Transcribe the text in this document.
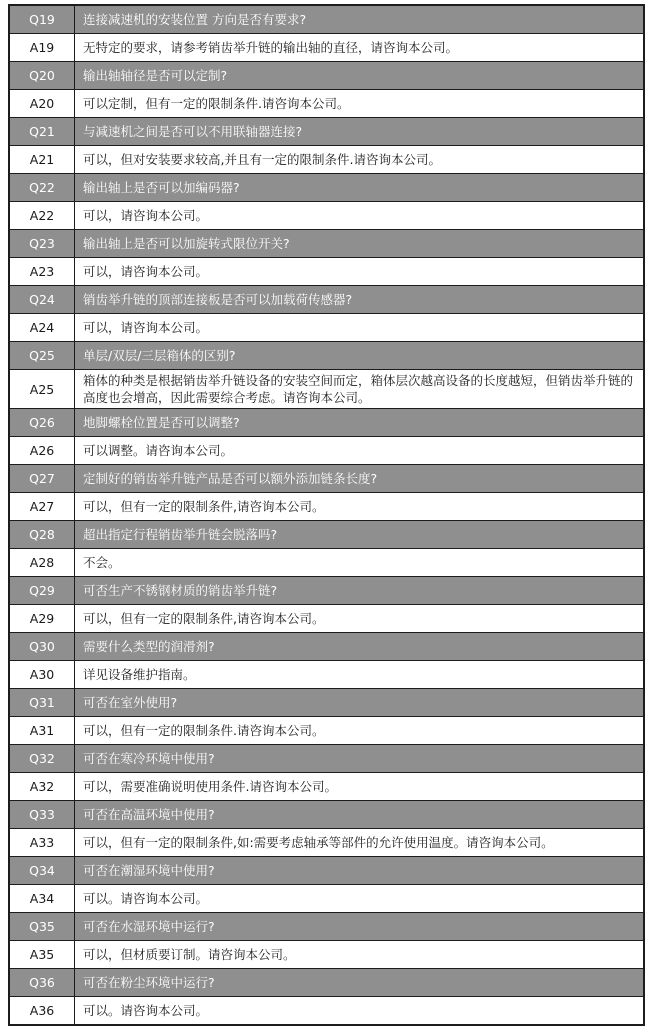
Q19	连接减速机的安装位置 方向是否有要求?
A19	无特定的要求，请参考销齿举升链的输出轴的直径，请咨询本公司。
Q20	输出轴轴径是否可以定制?
A20	可以定制，但有一定的限制条件.请咨询本公司。
Q21	与减速机之间是否可以不用联轴器连接?
A21	可以，但对安装要求较高,并且有一定的限制条件.请咨询本公司。
Q22	输出轴上是否可以加编码器?
A22	可以，请咨询本公司。
Q23	输出轴上是否可以加旋转式限位开关?
A23	可以，请咨询本公司。
Q24	销齿举升链的顶部连接板是否可以加载荷传感器?
A24	可以，请咨询本公司。
Q25	单层/双层/三层箱体的区别?
A25	箱体的种类是根据销齿举升链设备的安装空间而定，箱体层次越高设备的长度越短，但销齿举升链的高度也会增高，因此需要综合考虑。请咨询本公司。
Q26	地脚螺栓位置是否可以调整?
A26	可以调整。请咨询本公司。
Q27	定制好的销齿举升链产品是否可以额外添加链条长度?
A27	可以，但有一定的限制条件,请咨询本公司。
Q28	超出指定行程销齿举升链会脱落吗?
A28	不会。
Q29	可否生产不锈钢材质的销齿举升链?
A29	可以，但有一定的限制条件,请咨询本公司。
Q30	需要什么类型的润滑剂?
A30	详见设备维护指南。
Q31	可否在室外使用?
A31	可以，但有一定的限制条件.请咨询本公司。
Q32	可否在寒冷环境中使用?
A32	可以，需要准确说明使用条件.请咨询本公司。
Q33	可否在高温环境中使用?
A33	可以，但有一定的限制条件,如:需要考虑轴承等部件的允许使用温度。请咨询本公司。
Q34	可否在潮湿环境中使用?
A34	可以。请咨询本公司。
Q35	可否在水湿环境中运行?
A35	可以，但材质要订制。请咨询本公司。
Q36	可否在粉尘环境中运行?
A36	可以。请咨询本公司。
